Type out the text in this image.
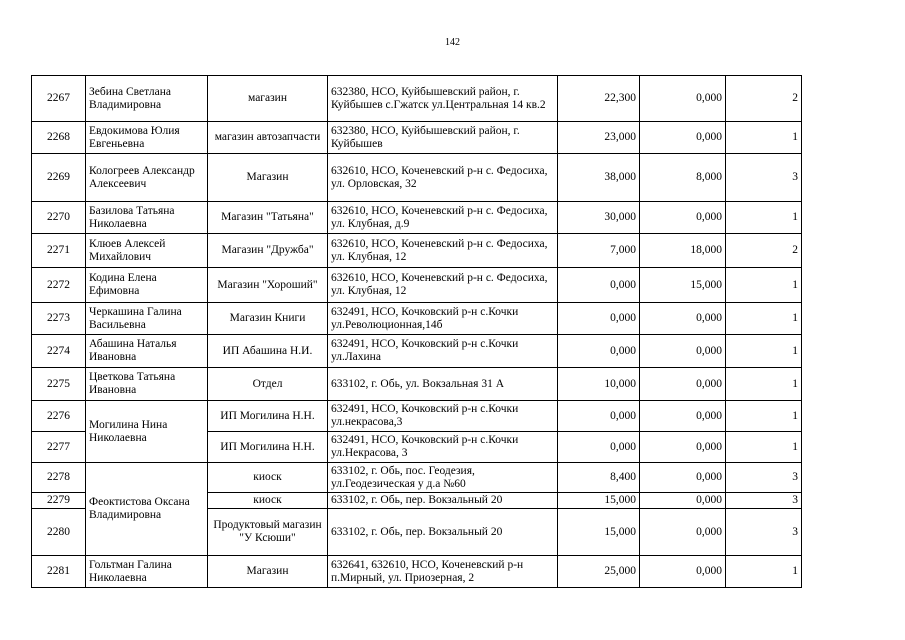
142
2267	Зебина Светлана Владимировна	магазин	632380, НСО, Куйбышевский район, г. Куйбышев с.Гжатск ул.Центральная 14 кв.2	22,300	0,000	2
2268	Евдокимова Юлия Евгеньевна	магазин автозапчасти	632380, НСО, Куйбышевский район, г. Куйбышев	23,000	0,000	1
2269	Кологреев Александр Алексеевич	Магазин	632610, НСО, Коченевский р-н с. Федосиха, ул. Орловская, 32	38,000	8,000	3
2270	Базилова Татьяна Николаевна	Магазин "Татьяна"	632610, НСО, Коченевский р-н с. Федосиха, ул. Клубная, д.9	30,000	0,000	1
2271	Клюев Алексей Михайлович	Магазин "Дружба"	632610, НСО, Коченевский р-н с. Федосиха, ул. Клубная, 12	7,000	18,000	2
2272	Кодина Елена Ефимовна	Магазин "Хороший"	632610, НСО, Коченевский р-н с. Федосиха, ул. Клубная, 12	0,000	15,000	1
2273	Черкашина Галина Васильевна	Магазин Книги	632491, НСО, Кочковский р-н с.Кочки ул.Революционная,14б	0,000	0,000	1
2274	Абашина Наталья Ивановна	ИП Абашина Н.И.	632491, НСО, Кочковский р-н с.Кочки ул.Лахина	0,000	0,000	1
2275	Цветкова Татьяна Ивановна	Отдел	633102, г. Обь, ул. Вокзальная 31 А	10,000	0,000	1
2276	Могилина Нина Николаевна	ИП Могилина Н.Н.	632491, НСО, Кочковский р-н с.Кочки ул.некрасова,3	0,000	0,000	1
2277		ИП Могилина Н.Н.	632491, НСО, Кочковский р-н с.Кочки ул.Некрасова, 3	0,000	0,000	1
2278	Феоктистова Оксана Владимировна	киоск	633102, г. Обь, пос. Геодезия, ул.Геодезическая у д.а №60	8,400	0,000	3
2279		киоск	633102, г. Обь, пер. Вокзальный 20	15,000	0,000	3
2280		Продуктовый магазин "У Ксюши"	633102, г. Обь, пер. Вокзальный 20	15,000	0,000	3
2281	Гольтман Галина Николаевна	Магазин	632641, 632610, НСО, Коченевский р-н п.Мирный, ул. Приозерная, 2	25,000	0,000	1
